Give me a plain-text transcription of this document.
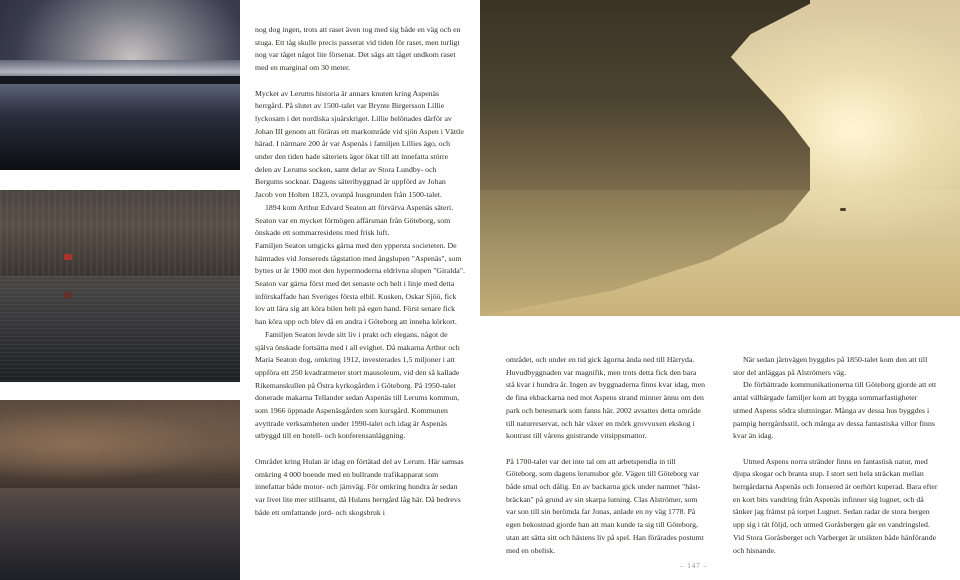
nog dog ingen, trots att raset även tog med sig både en väg och en stuga. Ett tåg skulle precis passerat vid tiden för raset, men turligt nog var tåget något lite försenat. Det sägs att tåget undkom raset med en marginal om 30 meter.

Mycket av Lerums historia är annars knuten kring Aspenäs herrgård. På slutet av 1500-talet var Brynte Birgersson Lillie lyckosam i det nordiska sjuårskriget. Lillie belönades därför av Johan III genom att föräras ett markområde vid sjön Aspen i Vättle härad. I närmare 200 år var Aspenäs i familjen Lillies ägo, och under den tiden hade säteriets ägor ökat till att innefatta större delen av Lerums socken, samt delar av Stora Lundby- och Bergums socknar. Dagens säteribyggnad är uppförd av Johan Jacob von Holten 1823, ovanpå husgrunden från 1500-talet.

1894 kom Arthur Edvard Seaton att förvärva Aspenäs säteri. Seaton var en mycket förmögen affärsman från Göteborg, som önskade ett sommarresidens med frisk luft.

Familjen Seaton umgicks gärna med den yppersta societeten. De hämtades vid Jonsereds tågstation med ångslupen "Aspenäs", som byttes ut år 1900 mot den hypermoderna eldrivna slupen "Giralda". Seaton var gärna först med det senaste och helt i linje med detta införskaffade han Sveriges första elbil. Kusken, Oskar Sjöö, fick lov att lära sig att köra bilen helt på egen hand. Först senare fick han köra upp och blev då en andra i Göteborg att inneha körkort.

Familjen Seaton levde sitt liv i prakt och elegans, något de själva önskade fortsätta med i all evighet. Då makarna Arthur och Maria Seaton dog, omkring 1912, investerades 1,5 miljoner i att uppföra ett 250 kvadratmeter stort mausoleum, vid den så kallade Rikemanskullen på Östra kyrkogården i Göteborg. På 1950-talet donerade makarna Tellander sedan Aspenäs till Lerums kommun, som 1966 öppnade Aspenäsgården som kursgård. Kommunen avyttrade verksamheten under 1990-talet och idag är Aspenäs utbyggd till en hotell- och konferensanläggning.

Området kring Hulan är idag en förtätad del av Lerum. Här samsas omkring 4 000 boende med en bullrande trafikapparat som innefattar både motor- och järnväg. För omkring hundra år sedan var livet lite mer stillsamt, då Hulans herrgård låg här. Då bedrevs både ett omfattande jord- och skogsbruk i

området, och under en tid gick ägorna ända ned till Härryda. Huvudbyggnaden var magnifik, men trots detta fick den bara stå kvar i hundra år. Ingen av byggnaderna finns kvar idag, men de fina ekbackarna ned mot Aspens strand minner ännu om den park och betesmark som fanns här. 2002 avsattes detta område till naturreservat, och här växer en mörk grovvuxen ekskog i kontrast till vårens gnistrande vitsippsmattor.

På 1700-talet var det inte tal om att arbetspendla in till Göteborg, som dagens lerumsbor gör. Vägen till Göteborg var både smal och dålig. En av backarna gick under namnet "häst-bräckan" på grund av sin skarpa lutning. Clas Alströmer, som var son till sin berömda far Jonas, anlade en ny väg 1778. På egen bekostnad gjorde han att man kunde ta sig till Göteborg, utan att sätta sitt och hästens liv på spel. Han förärades postumt med en obelisk.

När sedan järnvägen byggdes på 1850-talet kom den att till stor del anläggas på Alströmers väg.

De förbättrade kommunikationerna till Göteborg gjorde att ett antal välbärgade familjer kom att bygga sommarfastigheter utmed Aspens södra sluttningar. Många av dessa hus byggdes i pampig herrgårdsstil, och många av dessa fantastiska villor finns kvar än idag.

Utmed Aspens norra stränder finns en fantastisk natur, med djupa skogar och branta stup. I stort sett hela sträckan mellan herrgårdarna Aspenäs och Jonsered är oerhört kuperad. Bara efter en kort bits vandring från Aspenäs infinner sig lugnet, och då tänker jag främst på torpet Lugnet. Sedan radar de stora bergen upp sig i tät följd, och utmed Goråsbergen går en vandringsled. Vid Stora Goråsberget och Varberget är utsikten både hänförande och hisnande.

– 147 –
